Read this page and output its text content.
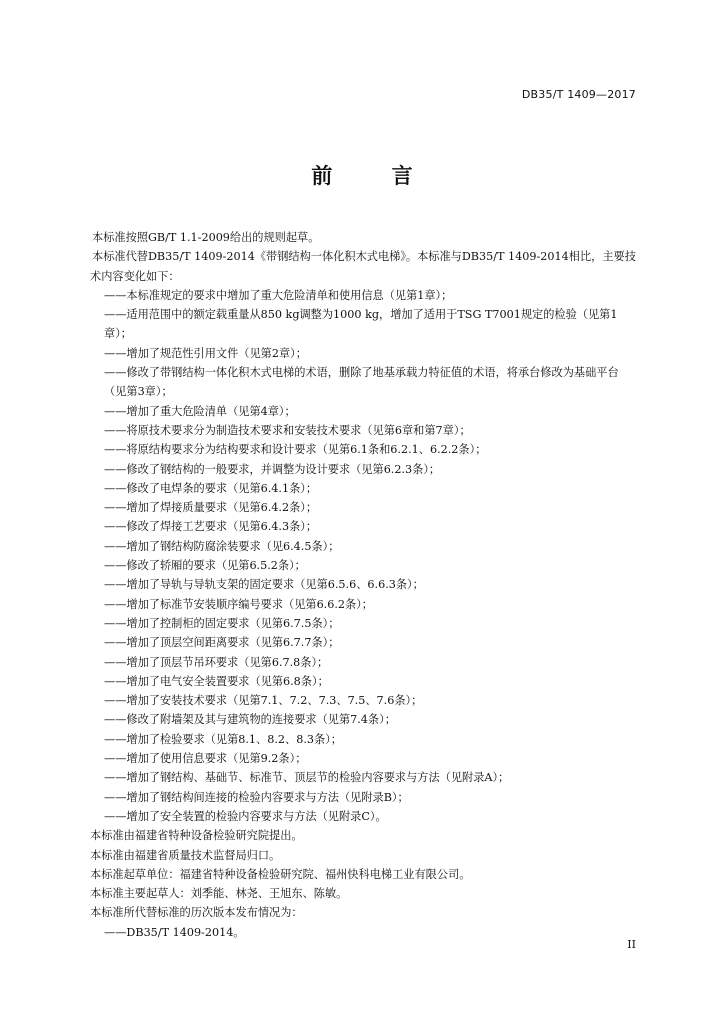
DB35/T 1409—2017
前 言

本标准按照GB/T 1.1-2009给出的规则起草。

本标准代替DB35/T 1409-2014《带钢结构一体化积木式电梯》。本标准与DB35/T 1409-2014相比，主要技术内容变化如下：

——本标准规定的要求中增加了重大危险清单和使用信息（见第1章）；

——适用范围中的额定载重量从850 kg调整为1000 kg，增加了适用于TSG T7001规定的检验（见第1章）；

——增加了规范性引用文件（见第2章）；

——修改了带钢结构一体化积木式电梯的术语，删除了地基承载力特征值的术语，将承台修改为基础平台（见第3章）；

——增加了重大危险清单（见第4章）；

——将原技术要求分为制造技术要求和安装技术要求（见第6章和第7章）；

——将原结构要求分为结构要求和设计要求（见第6.1条和6.2.1、6.2.2条）；

——修改了钢结构的一般要求，并调整为设计要求（见第6.2.3条）；

——修改了电焊条的要求（见第6.4.1条）；

——增加了焊接质量要求（见第6.4.2条）；

——修改了焊接工艺要求（见第6.4.3条）；

——增加了钢结构防腐涂装要求（见6.4.5条）；

——修改了轿厢的要求（见第6.5.2条）；

——增加了导轨与导轨支架的固定要求（见第6.5.6、6.6.3条）；

——增加了标准节安装顺序编号要求（见第6.6.2条）；

——增加了控制柜的固定要求（见第6.7.5条）；

——增加了顶层空间距离要求（见第6.7.7条）；

——增加了顶层节吊环要求（见第6.7.8条）；

——增加了电气安全装置要求（见第6.8条）；

——增加了安装技术要求（见第7.1、7.2、7.3、7.5、7.6条）；

——修改了附墙架及其与建筑物的连接要求（见第7.4条）；

——增加了检验要求（见第8.1、8.2、8.3条）；

——增加了使用信息要求（见第9.2条）；

——增加了钢结构、基础节、标准节、顶层节的检验内容要求与方法（见附录A）；

——增加了钢结构间连接的检验内容要求与方法（见附录B）；

——增加了安全装置的检验内容要求与方法（见附录C）。

本标准由福建省特种设备检验研究院提出。

本标准由福建省质量技术监督局归口。

本标准起草单位：福建省特种设备检验研究院、福州快科电梯工业有限公司。

本标准主要起草人：刘季能、林尧、王旭东、陈敏。

本标准所代替标准的历次版本发布情况为：

——DB35/T 1409-2014。

II
